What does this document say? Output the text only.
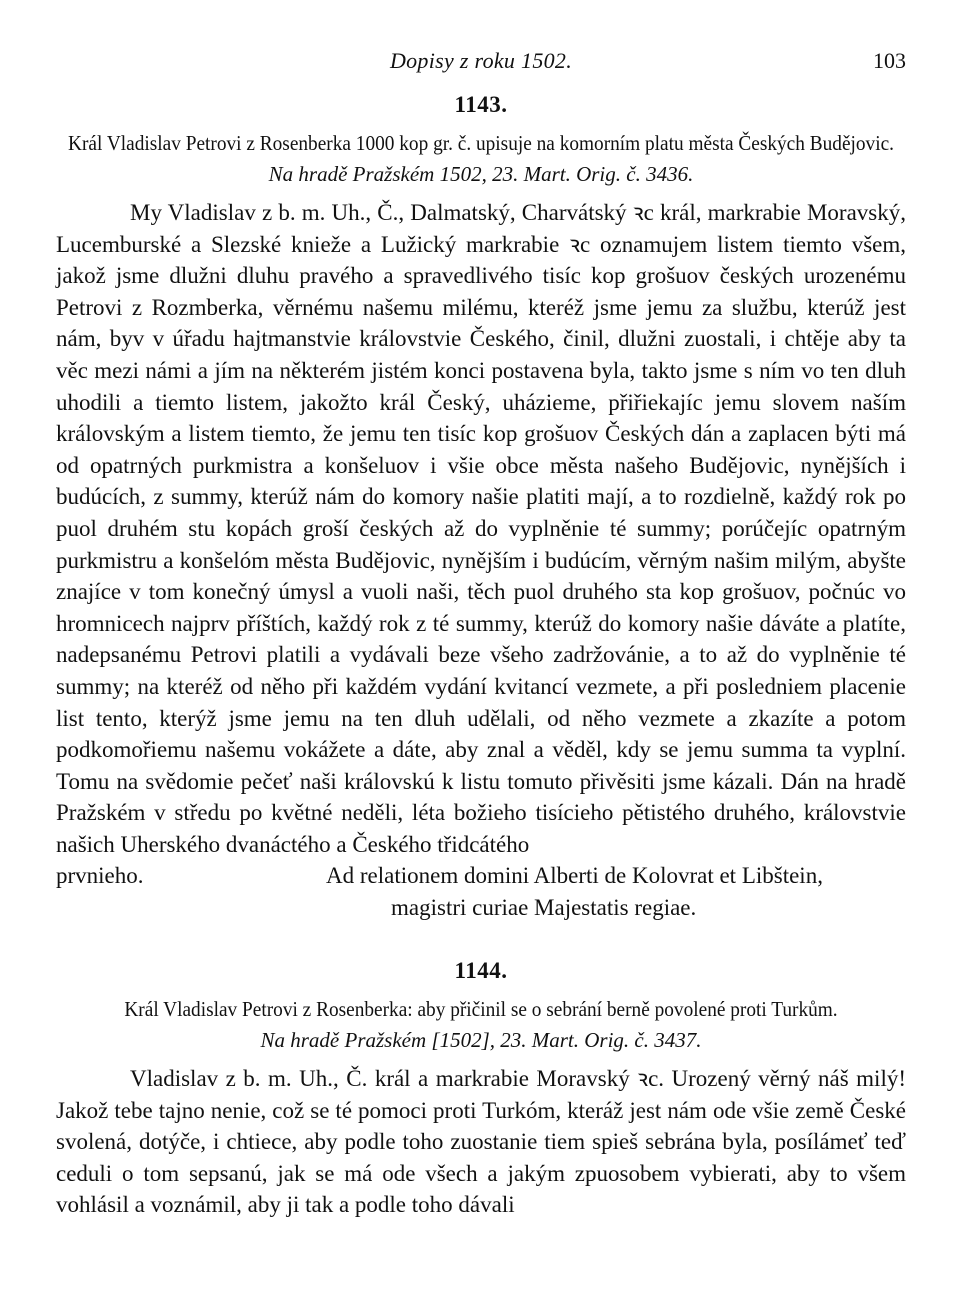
Dopisy z roku 1502.	103
1143.
Král Vladislav Petrovi z Rosenberka 1000 kop gr. č. upisuje na komorním platu města Českých Budějovic.
Na hradě Pražském 1502, 23. Mart. Orig. č. 3436.
My Vladislav z b. m. Uh., Č., Dalmatský, Charvátský ꝛc král, markrabie Moravský, Lucemburské a Slezské kniežе a Lužický markrabie ꝛc oznamujem listem tiemto všem, jakož jsme dlužni dluhu pravého a spravedlivého tisíc kop grošuov českých urozenému Petrovi z Rozmberka, věrnému našemu milému, kteréž jsme jemu za službu, kterúž jest nám, byv v úřadu hajtmanstvie královstvie Českého, činil, dlužni zuostali, i chtěje aby ta věc mezi námi a jím na některém jistém konci postavena byla, takto jsme s ním vo ten dluh uhodili a tiemto listem, jakožto král Český, uházieme, přiřiekajíc jemu slovem naším královským a listem tiemto, že jemu ten tisíc kop grošuov Českých dán a zaplacen býti má od opatrných purkmistra a konšeluov i všie obce města našeho Budějovic, nynějších i budúcích, z summy, kterúž nám do komory našie platiti mají, a to rozdielně, každý rok po puol druhém stu kopách groší českých až do vyplněnie té summy; porúčejíc opatrným purkmistru a konšelóm města Budějovic, nynějším i budúcím, věrným našim milým, abyšte znajíce v tom konečný úmysl a vuoli naši, těch puol druhého sta kop grošuov, počnúc vo hromnicech najprv příštích, každý rok z té summy, kterúž do komory našie dáváte a platíte, nadepsanému Petrovi platili a vydávali beze všeho zadržovánie, a to až do vyplněnie té summy; na kteréž od něho při každém vydání kvitancí vezmete, a při posledniem placenie list tento, kterýž jsme jemu na ten dluh udělali, od něho vezmete a zkazíte a potom podkomořiemu našemu vokážete a dáte, aby znal a věděl, kdy se jemu summa ta vyplní. Tomu na svědomie pečeť naši královskú k listu tomuto přivěsiti jsme kázali. Dán na hradě Pražském v středu po květné neděli, léta božieho tisícieho pětistého druhého, královstvie našich Uherského dvanáctého a Českého třidcátého
prvnieho.	Ad relationem domini Alberti de Kolovrat et Libštein,
magistri curiae Majestatis regiae.
1144.
Král Vladislav Petrovi z Rosenberka: aby přičinil se o sebrání berně povolené proti Turkům.
Na hradě Pražském [1502], 23. Mart. Orig. č. 3437.
Vladislav z b. m. Uh., Č. král a markrabie Moravský ꝛc. Urozený věrný náš milý! Jakož tebe tajno nenie, což se té pomoci proti Turkóm, kteráž jest nám ode všie země České svolená, dotýče, i chtiece, aby podle toho zuostanie tiem spieš sebrána byla, posílámeť teď ceduli o tom sepsanú, jak se má ode všech a jakým zpuosobem vybierati, aby to všem vohlásil a voznámil, aby ji tak a podle toho dávali
